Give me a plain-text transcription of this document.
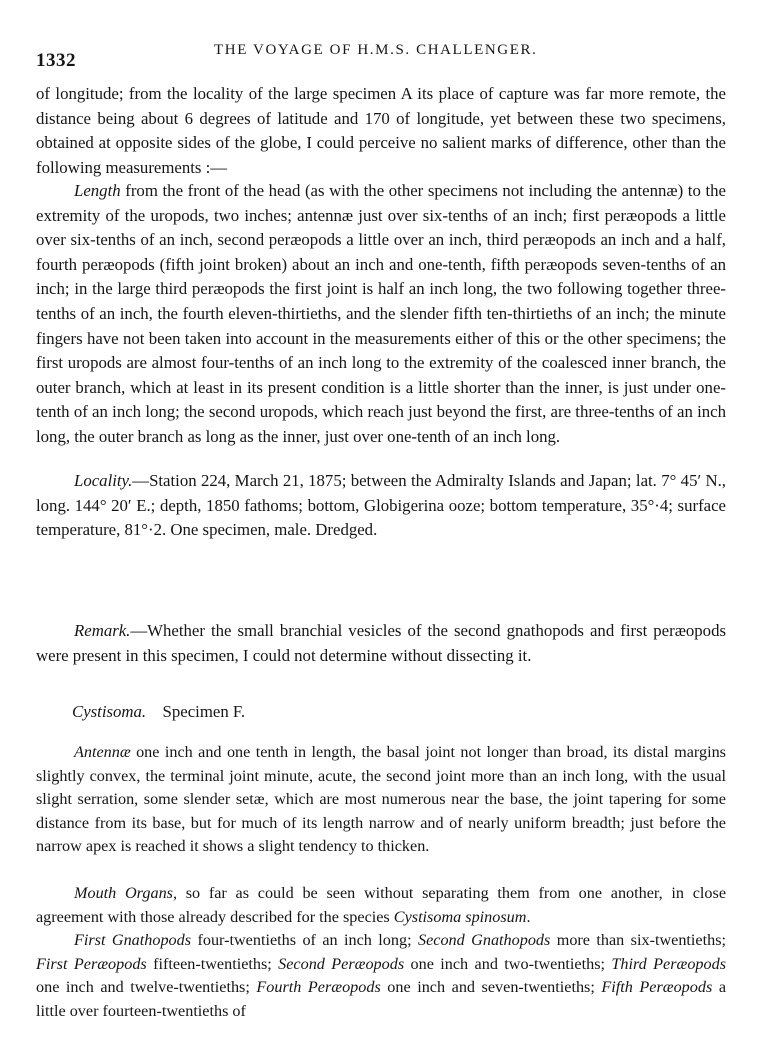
1332	THE VOYAGE OF H.M.S. CHALLENGER.

of longitude; from the locality of the large specimen A its place of capture was far more remote, the distance being about 6 degrees of latitude and 170 of longitude, yet between these two specimens, obtained at opposite sides of the globe, I could perceive no salient marks of difference, other than the following measurements :—

Length from the front of the head (as with the other specimens not including the antennæ) to the extremity of the uropods, two inches; antennæ just over six-tenths of an inch; first peræopods a little over six-tenths of an inch, second peræopods a little over an inch, third peræopods an inch and a half, fourth peræopods (fifth joint broken) about an inch and one-tenth, fifth peræopods seven-tenths of an inch; in the large third peræopods the first joint is half an inch long, the two following together three-tenths of an inch, the fourth eleven-thirtieths, and the slender fifth ten-thirtieths of an inch; the minute fingers have not been taken into account in the measurements either of this or the other specimens; the first uropods are almost four-tenths of an inch long to the extremity of the coalesced inner branch, the outer branch, which at least in its present condition is a little shorter than the inner, is just under one-tenth of an inch long; the second uropods, which reach just beyond the first, are three-tenths of an inch long, the outer branch as long as the inner, just over one-tenth of an inch long.

Locality.—Station 224, March 21, 1875; between the Admiralty Islands and Japan; lat. 7° 45′ N., long. 144° 20′ E.; depth, 1850 fathoms; bottom, Globigerina ooze; bottom temperature, 35°·4; surface temperature, 81°·2. One specimen, male. Dredged.

Remark.—Whether the small branchial vesicles of the second gnathopods and first peræopods were present in this specimen, I could not determine without dissecting it.

Cystisoma. Specimen F.

Antennæ one inch and one tenth in length, the basal joint not longer than broad, its distal margins slightly convex, the terminal joint minute, acute, the second joint more than an inch long, with the usual slight serration, some slender setæ, which are most numerous near the base, the joint tapering for some distance from its base, but for much of its length narrow and of nearly uniform breadth; just before the narrow apex is reached it shows a slight tendency to thicken.

Mouth Organs, so far as could be seen without separating them from one another, in close agreement with those already described for the species Cystisoma spinosum.

First Gnathopods four-twentieths of an inch long; Second Gnathopods more than six-twentieths; First Peræopods fifteen-twentieths; Second Peræopods one inch and two-twentieths; Third Peræopods one inch and twelve-twentieths; Fourth Peræopods one inch and seven-twentieths; Fifth Peræopods a little over fourteen-twentieths of
